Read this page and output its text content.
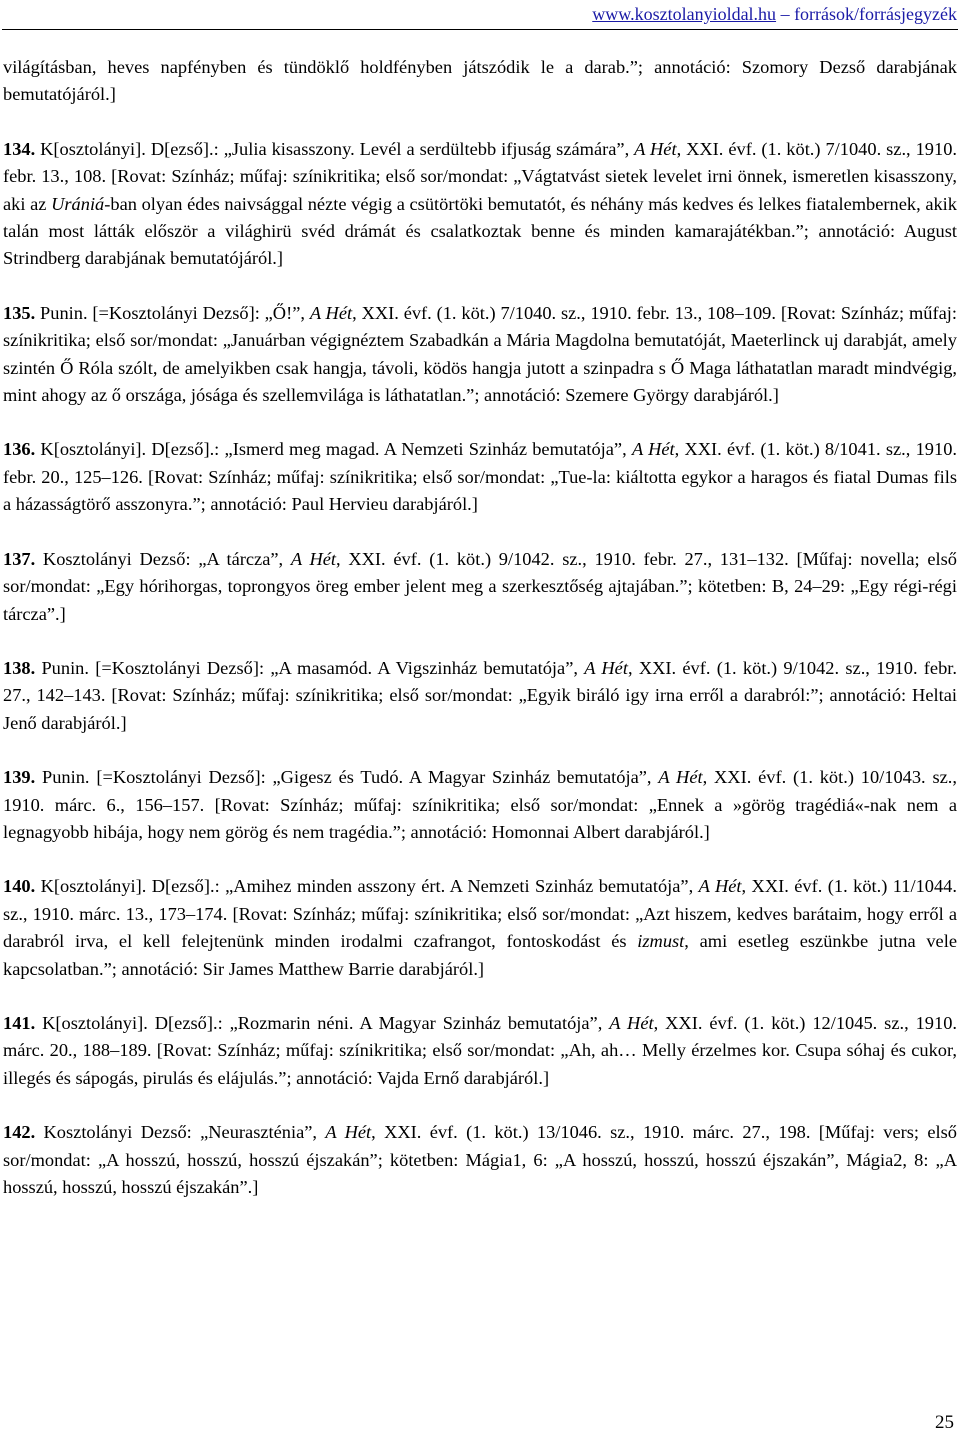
www.kosztolanyioldal.hu – források/forrásjegyzék

világításban, heves napfényben és tündöklő holdfényben játszódik le a darab.”; annotáció: Szomory Dezső darabjának bemutatójáról.]

134. K[osztolányi]. D[ezső].: „Julia kisasszony. Levél a serdültebb ifjuság számára”, A Hét, XXI. évf. (1. köt.) 7/1040. sz., 1910. febr. 13., 108. [Rovat: Színház; műfaj: színikritika; első sor/mondat: „Vágtatvást sietek levelet irni önnek, ismeretlen kisasszony, aki az Urániá-ban olyan édes naivsággal nézte végig a csütörtöki bemutatót, és néhány más kedves és lelkes fiatalembernek, akik talán most látták először a világhirü svéd drámát és csalatkoztak benne és minden kamarajátékban.”; annotáció: August Strindberg darabjának bemutatójáról.]

135. Punin. [=Kosztolányi Dezső]: „Ő!”, A Hét, XXI. évf. (1. köt.) 7/1040. sz., 1910. febr. 13., 108–109. [Rovat: Színház; műfaj: színikritika; első sor/mondat: „Januárban végignéztem Szabadkán a Mária Magdolna bemutatóját, Maeterlinck uj darabját, amely szintén Ő Róla szólt, de amelyikben csak hangja, távoli, ködös hangja jutott a szinpadra s Ő Maga láthatatlan maradt mindvégig, mint ahogy az ő országa, jósága és szellemvilága is láthatatlan.”; annotáció: Szemere György darabjáról.]

136. K[osztolányi]. D[ezső].: „Ismerd meg magad. A Nemzeti Szinház bemutatója”, A Hét, XXI. évf. (1. köt.) 8/1041. sz., 1910. febr. 20., 125–126. [Rovat: Színház; műfaj: színikritika; első sor/mondat: „Tue-la: kiáltotta egykor a haragos és fiatal Dumas fils a házasságtörő asszonyra.”; annotáció: Paul Hervieu darabjáról.]

137. Kosztolányi Dezső: „A tárcza”, A Hét, XXI. évf. (1. köt.) 9/1042. sz., 1910. febr. 27., 131–132. [Műfaj: novella; első sor/mondat: „Egy hórihorgas, toprongyos öreg ember jelent meg a szerkesztőség ajtajában.”; kötetben: B, 24–29: „Egy régi-régi tárcza”.]

138. Punin. [=Kosztolányi Dezső]: „A masamód. A Vigszinház bemutatója”, A Hét, XXI. évf. (1. köt.) 9/1042. sz., 1910. febr. 27., 142–143. [Rovat: Színház; műfaj: színikritika; első sor/mondat: „Egyik biráló igy irna erről a darabról:”; annotáció: Heltai Jenő darabjáról.]

139. Punin. [=Kosztolányi Dezső]: „Gigesz és Tudó. A Magyar Szinház bemutatója”, A Hét, XXI. évf. (1. köt.) 10/1043. sz., 1910. márc. 6., 156–157. [Rovat: Színház; műfaj: színikritika; első sor/mondat: „Ennek a »görög tragédiá«-nak nem a legnagyobb hibája, hogy nem görög és nem tragédia.”; annotáció: Homonnai Albert darabjáról.]

140. K[osztolányi]. D[ezső].: „Amihez minden asszony ért. A Nemzeti Szinház bemutatója”, A Hét, XXI. évf. (1. köt.) 11/1044. sz., 1910. márc. 13., 173–174. [Rovat: Színház; műfaj: színikritika; első sor/mondat: „Azt hiszem, kedves barátaim, hogy erről a darabról irva, el kell felejtenünk minden irodalmi czafrangot, fontoskodást és izmust, ami esetleg eszünkbe jutna vele kapcsolatban.”; annotáció: Sir James Matthew Barrie darabjáról.]

141. K[osztolányi]. D[ezső].: „Rozmarin néni. A Magyar Szinház bemutatója”, A Hét, XXI. évf. (1. köt.) 12/1045. sz., 1910. márc. 20., 188–189. [Rovat: Színház; műfaj: színikritika; első sor/mondat: „Ah, ah… Melly érzelmes kor. Csupa sóhaj és cukor, illegés és sápogás, pirulás és elájulás.”; annotáció: Vajda Ernő darabjáról.]

142. Kosztolányi Dezső: „Neuraszténia”, A Hét, XXI. évf. (1. köt.) 13/1046. sz., 1910. márc. 27., 198. [Műfaj: vers; első sor/mondat: „A hosszú, hosszú, hosszú éjszakán”; kötetben: Mágia1, 6: „A hosszú, hosszú, hosszú éjszakán”, Mágia2, 8: „A hosszú, hosszú, hosszú éjszakán”.]

25
